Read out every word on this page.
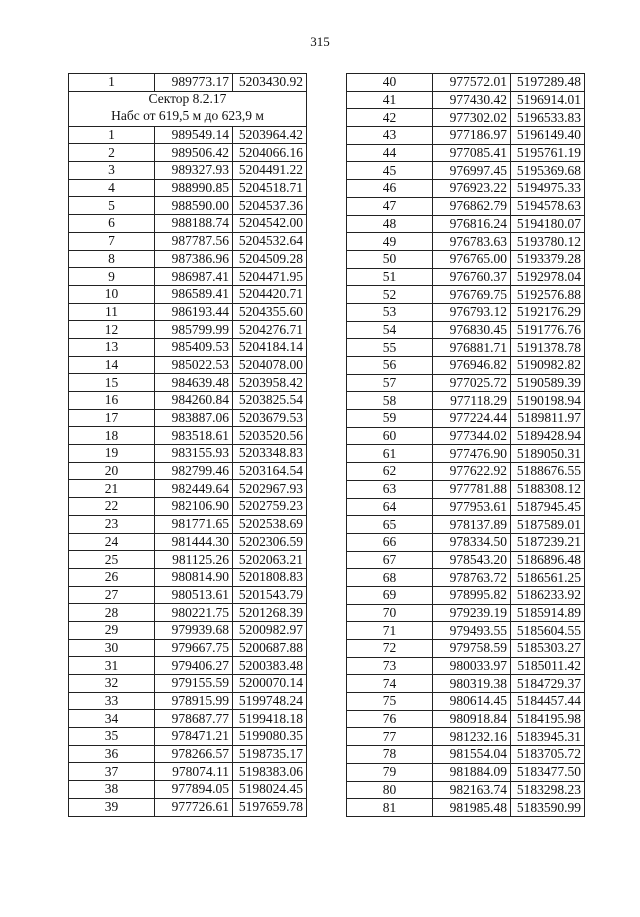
315
1	989773.17	5203430.92

Сектор 8.2.17
Набс от 619,5 м до 623,9 м		

1	989549.14	5203964.42
2	989506.42	5204066.16
3	989327.93	5204491.22
4	988990.85	5204518.71
5	988590.00	5204537.36
6	988188.74	5204542.00
7	987787.56	5204532.64
8	987386.96	5204509.28
9	986987.41	5204471.95
10	986589.41	5204420.71
11	986193.44	5204355.60
12	985799.99	5204276.71
13	985409.53	5204184.14
14	985022.53	5204078.00
15	984639.48	5203958.42
16	984260.84	5203825.54
17	983887.06	5203679.53
18	983518.61	5203520.56
19	983155.93	5203348.83
20	982799.46	5203164.54
21	982449.64	5202967.93
22	982106.90	5202759.23
23	981771.65	5202538.69
24	981444.30	5202306.59
25	981125.26	5202063.21
26	980814.90	5201808.83
27	980513.61	5201543.79
28	980221.75	5201268.39
29	979939.68	5200982.97
30	979667.75	5200687.88
31	979406.27	5200383.48
32	979155.59	5200070.14
33	978915.99	5199748.24
34	978687.77	5199418.18
35	978471.21	5199080.35
36	978266.57	5198735.17
37	978074.11	5198383.06
38	977894.05	5198024.45
39	977726.61	5197659.78
40	977572.01	5197289.48
41	977430.42	5196914.01
42	977302.02	5196533.83
43	977186.97	5196149.40
44	977085.41	5195761.19
45	976997.45	5195369.68
46	976923.22	5194975.33
47	976862.79	5194578.63
48	976816.24	5194180.07
49	976783.63	5193780.12
50	976765.00	5193379.28
51	976760.37	5192978.04
52	976769.75	5192576.88
53	976793.12	5192176.29
54	976830.45	5191776.76
55	976881.71	5191378.78
56	976946.82	5190982.82
57	977025.72	5190589.39
58	977118.29	5190198.94
59	977224.44	5189811.97
60	977344.02	5189428.94
61	977476.90	5189050.31
62	977622.92	5188676.55
63	977781.88	5188308.12
64	977953.61	5187945.45
65	978137.89	5187589.01
66	978334.50	5187239.21
67	978543.20	5186896.48
68	978763.72	5186561.25
69	978995.82	5186233.92
70	979239.19	5185914.89
71	979493.55	5185604.55
72	979758.59	5185303.27
73	980033.97	5185011.42
74	980319.38	5184729.37
75	980614.45	5184457.44
76	980918.84	5184195.98
77	981232.16	5183945.31
78	981554.04	5183705.72
79	981884.09	5183477.50
80	982163.74	5183298.23
81	981985.48	5183590.99
